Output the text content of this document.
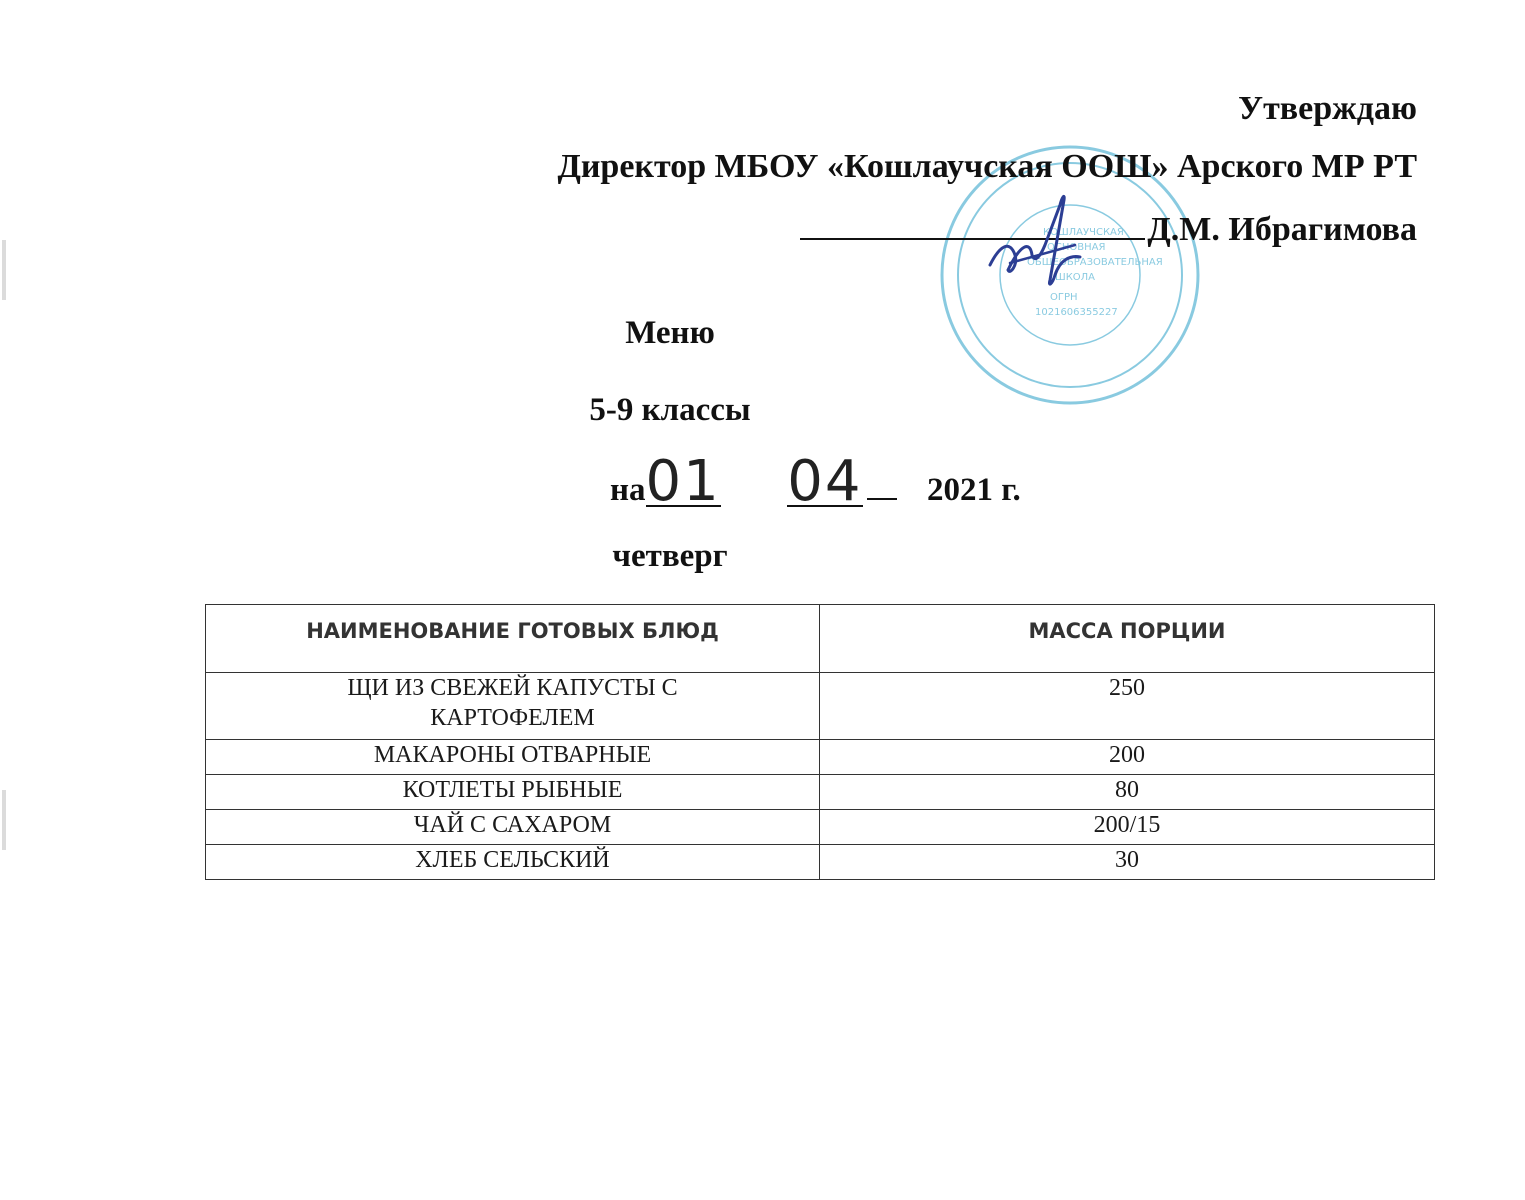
КОШЛАУЧСКАЯ
ОСНОВНАЯ
ОБЩЕОБРАЗОВАТЕЛЬНАЯ
ШКОЛА
ОГРН
1021606355227
Утверждаю
Директор МБОУ «Кошлаучская ООШ» Арского МР РТ
Д.М. Ибрагимова
Меню
5-9 классы
на01 04 2021 г.
четверг
НАИМЕНОВАНИЕ ГОТОВЫХ БЛЮД	МАССА ПОРЦИИ
ЩИ ИЗ СВЕЖЕЙ КАПУСТЫ С КАРТОФЕЛЕМ	250
МАКАРОНЫ ОТВАРНЫЕ	200
КОТЛЕТЫ РЫБНЫЕ	80
ЧАЙ С САХАРОМ	200/15
ХЛЕБ СЕЛЬСКИЙ	30
